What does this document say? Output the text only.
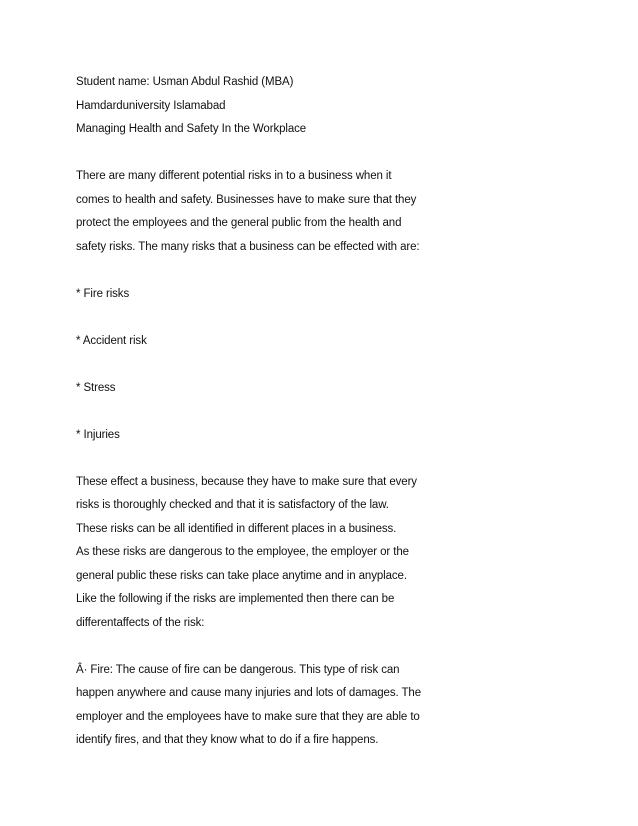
Student name: Usman Abdul Rashid (MBA)
Hamdarduniversity Islamabad
Managing Health and Safety In the Workplace
There are many different potential risks in to a business when it
comes to health and safety. Businesses have to make sure that they
protect the employees and the general public from the health and
safety risks. The many risks that a business can be effected with are:
* Fire risks
* Accident risk
* Stress
* Injuries
These effect a business, because they have to make sure that every
risks is thoroughly checked and that it is satisfactory of the law.
These risks can be all identified in different places in a business.
As these risks are dangerous to the employee, the employer or the
general public these risks can take place anytime and in anyplace.
Like the following if the risks are implemented then there can be
differentaffects of the risk:
Â· Fire: The cause of fire can be dangerous. This type of risk can
happen anywhere and cause many injuries and lots of damages. The
employer and the employees have to make sure that they are able to
identify fires, and that they know what to do if a fire happens.
